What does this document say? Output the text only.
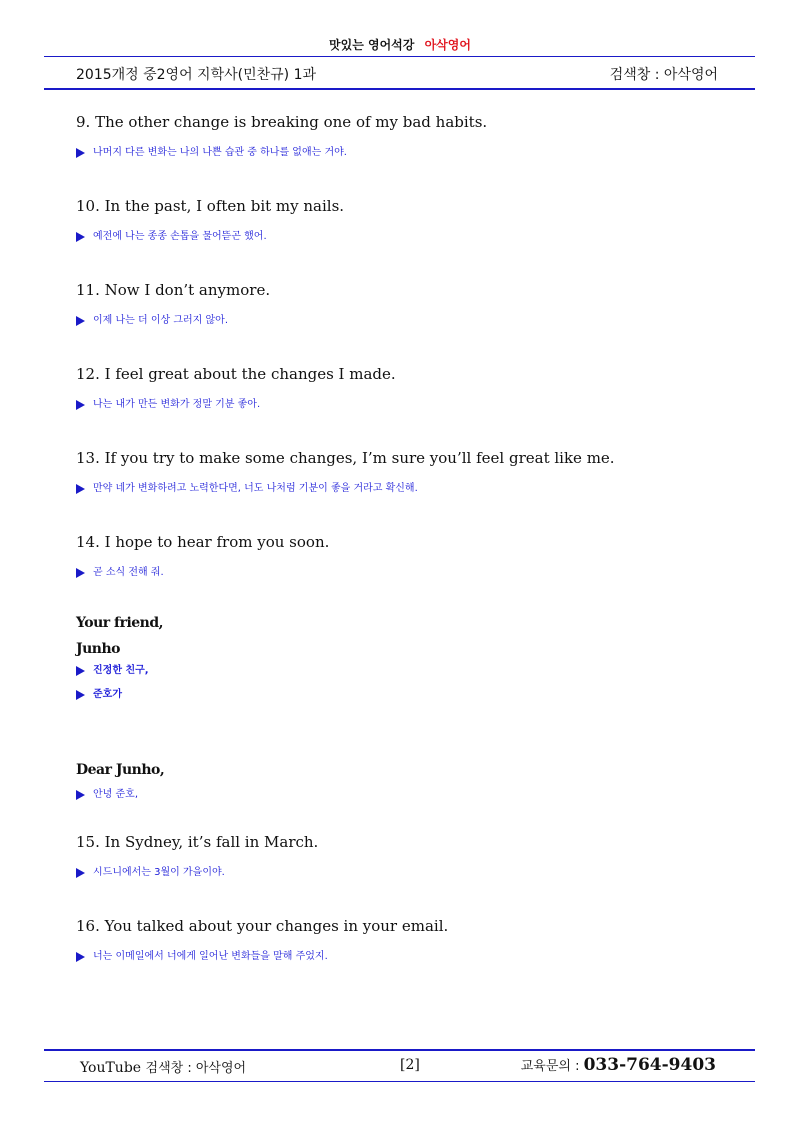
맛있는 영어석강 아삭영어
2015개정 중2영어 지학사(민찬규) 1과	검색창 : 아삭영어
9. The other change is breaking one of my bad habits.
나머지 다른 변화는 나의 나쁜 습관 중 하나를 없애는 거야.
10. In the past, I often bit my nails.
예전에 나는 종종 손톱을 물어뜯곤 했어.
11. Now I don’t anymore.
이제 나는 더 이상 그러지 않아.
12. I feel great about the changes I made.
나는 내가 만든 변화가 정말 기분 좋아.
13. If you try to make some changes, I’m sure you’ll feel great like me.
만약 네가 변화하려고 노력한다면, 너도 나처럼 기분이 좋을 거라고 확신해.
14. I hope to hear from you soon.
곧 소식 전해 줘.
Your friend,
Junho
진정한 친구,
준호가
Dear Junho,
안녕 준호,
15. In Sydney, it’s fall in March.
시드니에서는 3월이 가을이야.
16. You talked about your changes in your email.
너는 이메일에서 너에게 일어난 변화들을 말해 주었지.
YouTube 검색창 : 아삭영어	[2]	교육문의 : 033-764-9403
